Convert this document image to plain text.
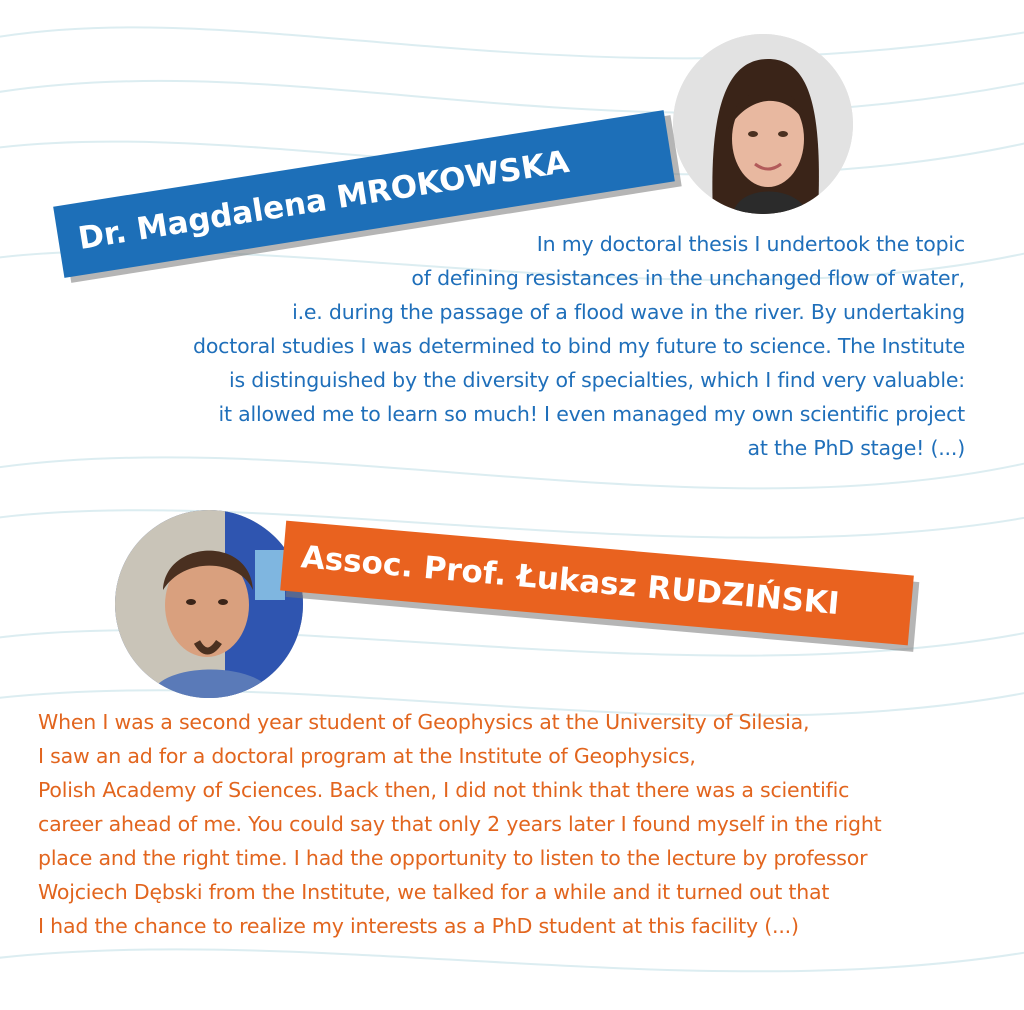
Dr. Magdalena MROKOWSKA
In my doctoral thesis I undertook the topic
of defining resistances in the unchanged flow of water,
i.e. during the passage of a flood wave in the river. By undertaking
doctoral studies I was determined to bind my future to science. The Institute
is distinguished by the diversity of specialties, which I find very valuable:
it allowed me to learn so much! I even managed my own scientific project
at the PhD stage! (...)
Assoc. Prof. Łukasz RUDZIŃSKI
When I was a second year student of Geophysics at the University of Silesia,
I saw an ad for a doctoral program at the Institute of Geophysics,
Polish Academy of Sciences. Back then, I did not think that there was a scientific
career ahead of me. You could say that only 2 years later I found myself in the right
place and the right time. I had the opportunity to listen to the lecture by professor
Wojciech Dębski from the Institute, we talked for a while and it turned out that
I had the chance to realize my interests as a PhD student at this facility (...)
